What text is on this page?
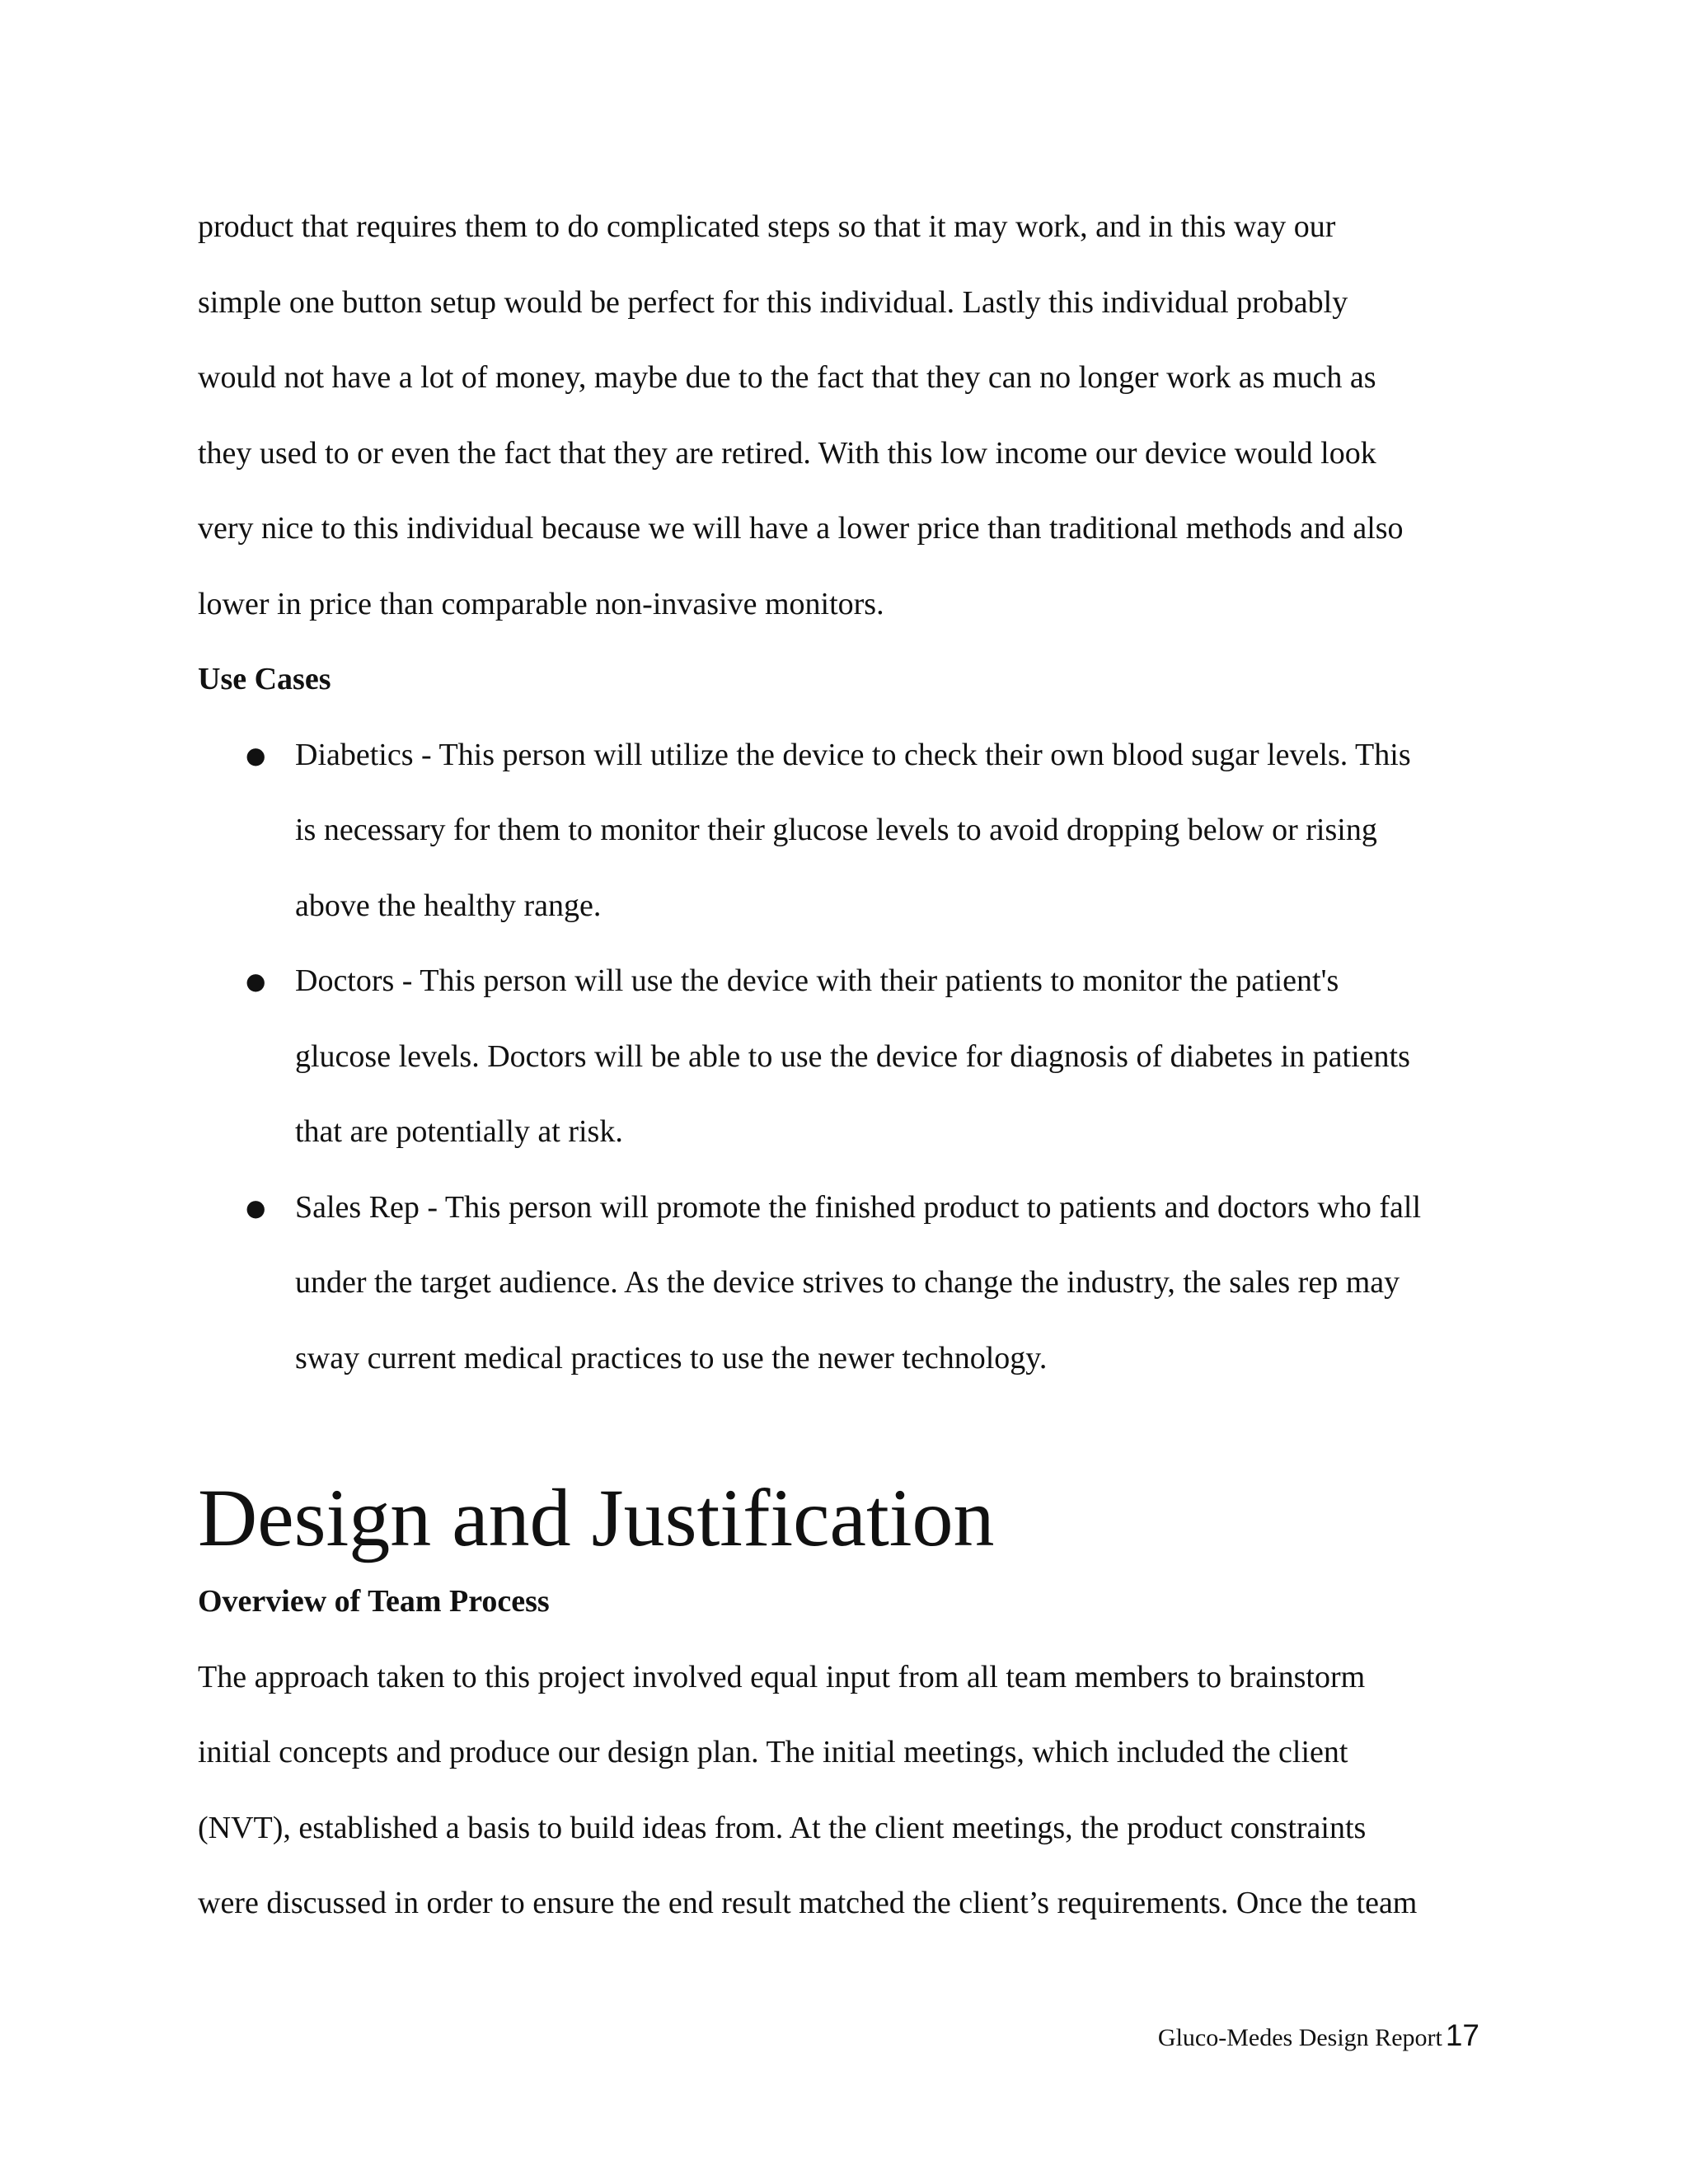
product that requires them to do complicated steps so that it may work, and in this way our
simple one button setup would be perfect for this individual. Lastly this individual probably
would not have a lot of money, maybe due to the fact that they can no longer work as much as
they used to or even the fact that they are retired. With this low income our device would look
very nice to this individual because we will have a lower price than traditional methods and also
lower in price than comparable non-invasive monitors.
Use Cases
● Diabetics - This person will utilize the device to check their own blood sugar levels. This
is necessary for them to monitor their glucose levels to avoid dropping below or rising
above the healthy range.
● Doctors - This person will use the device with their patients to monitor the patient's
glucose levels. Doctors will be able to use the device for diagnosis of diabetes in patients
that are potentially at risk.
● Sales Rep - This person will promote the finished product to patients and doctors who fall
under the target audience. As the device strives to change the industry, the sales rep may
sway current medical practices to use the newer technology.
Design and Justification
Overview of Team Process
The approach taken to this project involved equal input from all team members to brainstorm
initial concepts and produce our design plan. The initial meetings, which included the client
(NVT), established a basis to build ideas from. At the client meetings, the product constraints
were discussed in order to ensure the end result matched the client’s requirements. Once the team
Gluco-Medes Design Report 17
